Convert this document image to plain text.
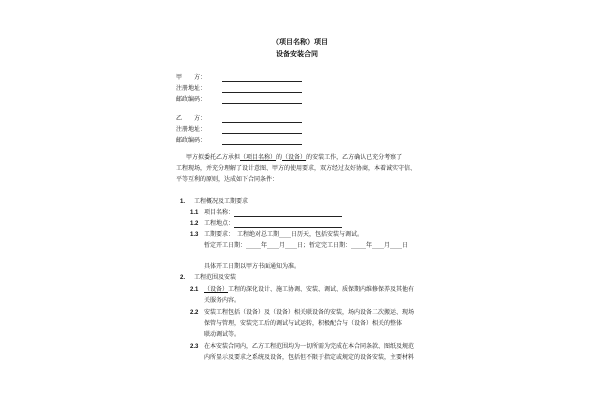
（项目名称）项目
设备安装合同
甲　　方：
注册地址：
邮政编码：
乙　　方：
注册地址：
邮政编码：
甲方拟委托乙方承担（项目名称）的（设备）的安装工作，乙方确认已充分考察了
工程现场，并充分理解了设计意图、甲方的使用要求，双方经过友好协商，本着诚实守信、
平等互利的原则，达成如下合同条件：
1. 工程概况及工期要求
1.1 项目名称：
1.2 工程地点：
1.3 工期要求：　工程绝对总工期____日历天，包括安装与调试。
暂定开工日期：_____年____月____日；暂定完工日期：_____年____月____日
具体开工日期以甲方书面通知为准。
2. 工程范围及安装
2.1 （设备）工程的深化设计、施工协调、安装、调试、质保期内维修保养及其他有
关服务内容。
2.2 安装工程包括（设备）及（设备）相关联设备的安装，场内设备二次搬运、现场
保管与管理，安装完工后的调试与试运转，积极配合与（设备）相关的整体
联动调试等。
2.3 在本安装合同内，乙方工程范围均为一切所需为完成在本合同条款、图纸及规范
内所显示及要求之系统及设备，包括但不限于指定或规定的设备安装，主要材料
